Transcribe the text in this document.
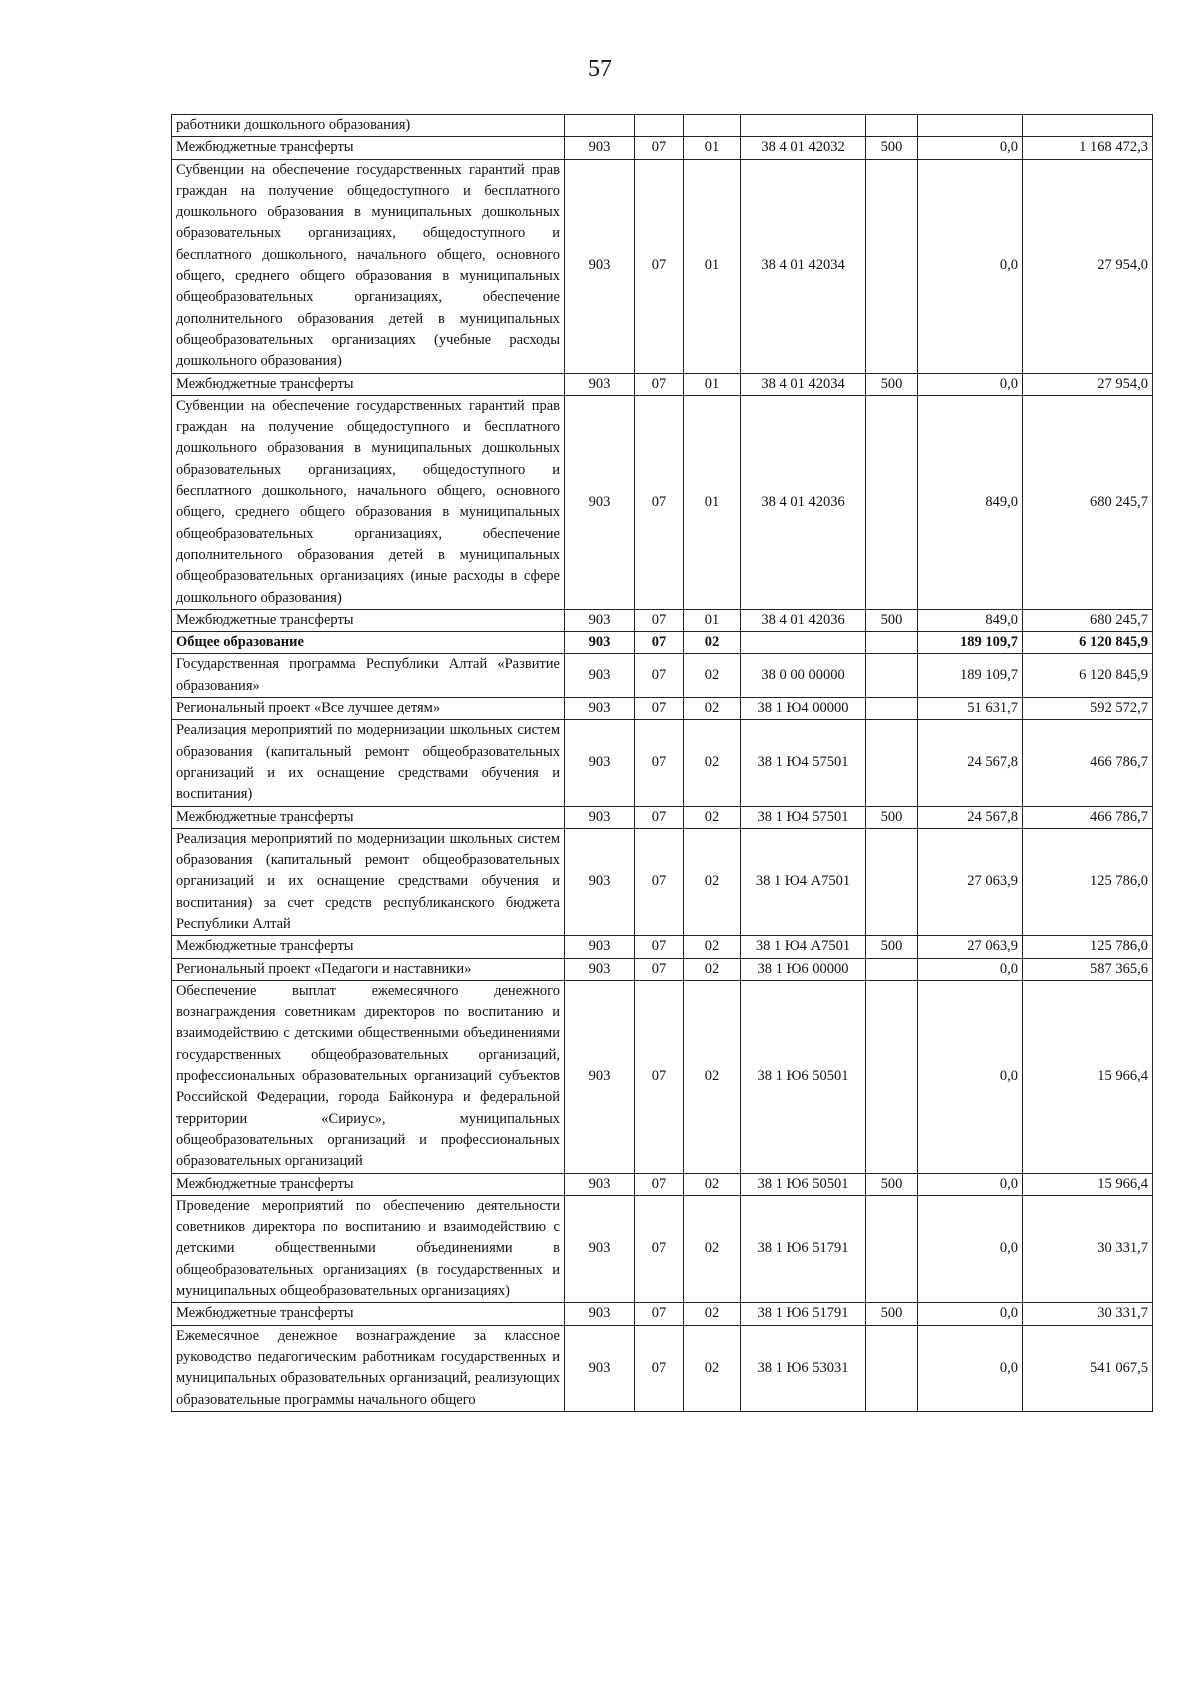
57
работники дошкольного образования)							
Межбюджетные трансферты	903	07	01	38 4 01 42032	500	0,0	1 168 472,3
Субвенции на обеспечение государственных гарантий прав граждан на получение общедоступного и бесплатного дошкольного образования в муниципальных дошкольных образовательных организациях, общедоступного и бесплатного дошкольного, начального общего, основного общего, среднего общего образования в муниципальных общеобразовательных организациях, обеспечение дополнительного образования детей в муниципальных общеобразовательных организациях (учебные расходы дошкольного образования)	903	07	01	38 4 01 42034		0,0	27 954,0
Межбюджетные трансферты	903	07	01	38 4 01 42034	500	0,0	27 954,0
Субвенции на обеспечение государственных гарантий прав граждан на получение общедоступного и бесплатного дошкольного образования в муниципальных дошкольных образовательных организациях, общедоступного и бесплатного дошкольного, начального общего, основного общего, среднего общего образования в муниципальных общеобразовательных организациях, обеспечение дополнительного образования детей в муниципальных общеобразовательных организациях (иные расходы в сфере дошкольного образования)	903	07	01	38 4 01 42036		849,0	680 245,7
Межбюджетные трансферты	903	07	01	38 4 01 42036	500	849,0	680 245,7
Общее образование	903	07	02			189 109,7	6 120 845,9
Государственная программа Республики Алтай «Развитие образования»	903	07	02	38 0 00 00000		189 109,7	6 120 845,9
Региональный проект «Все лучшее детям»	903	07	02	38 1 Ю4 00000		51 631,7	592 572,7
Реализация мероприятий по модернизации школьных систем образования (капитальный ремонт общеобразовательных организаций и их оснащение средствами обучения и воспитания)	903	07	02	38 1 Ю4 57501		24 567,8	466 786,7
Межбюджетные трансферты	903	07	02	38 1 Ю4 57501	500	24 567,8	466 786,7
Реализация мероприятий по модернизации школьных систем образования (капитальный ремонт общеобразовательных организаций и их оснащение средствами обучения и воспитания) за счет средств республиканского бюджета Республики Алтай	903	07	02	38 1 Ю4 А7501		27 063,9	125 786,0
Межбюджетные трансферты	903	07	02	38 1 Ю4 А7501	500	27 063,9	125 786,0
Региональный проект «Педагоги и наставники»	903	07	02	38 1 Ю6 00000		0,0	587 365,6
Обеспечение выплат ежемесячного денежного вознаграждения советникам директоров по воспитанию и взаимодействию с детскими общественными объединениями государственных общеобразовательных организаций, профессиональных образовательных организаций субъектов Российской Федерации, города Байконура и федеральной территории «Сириус», муниципальных общеобразовательных организаций и профессиональных образовательных организаций	903	07	02	38 1 Ю6 50501		0,0	15 966,4
Межбюджетные трансферты	903	07	02	38 1 Ю6 50501	500	0,0	15 966,4
Проведение мероприятий по обеспечению деятельности советников директора по воспитанию и взаимодействию с детскими общественными объединениями в общеобразовательных организациях (в государственных и муниципальных общеобразовательных организациях)	903	07	02	38 1 Ю6 51791		0,0	30 331,7
Межбюджетные трансферты	903	07	02	38 1 Ю6 51791	500	0,0	30 331,7
Ежемесячное денежное вознаграждение за классное руководство педагогическим работникам государственных и муниципальных образовательных организаций, реализующих образовательные программы начального общего	903	07	02	38 1 Ю6 53031		0,0	541 067,5
